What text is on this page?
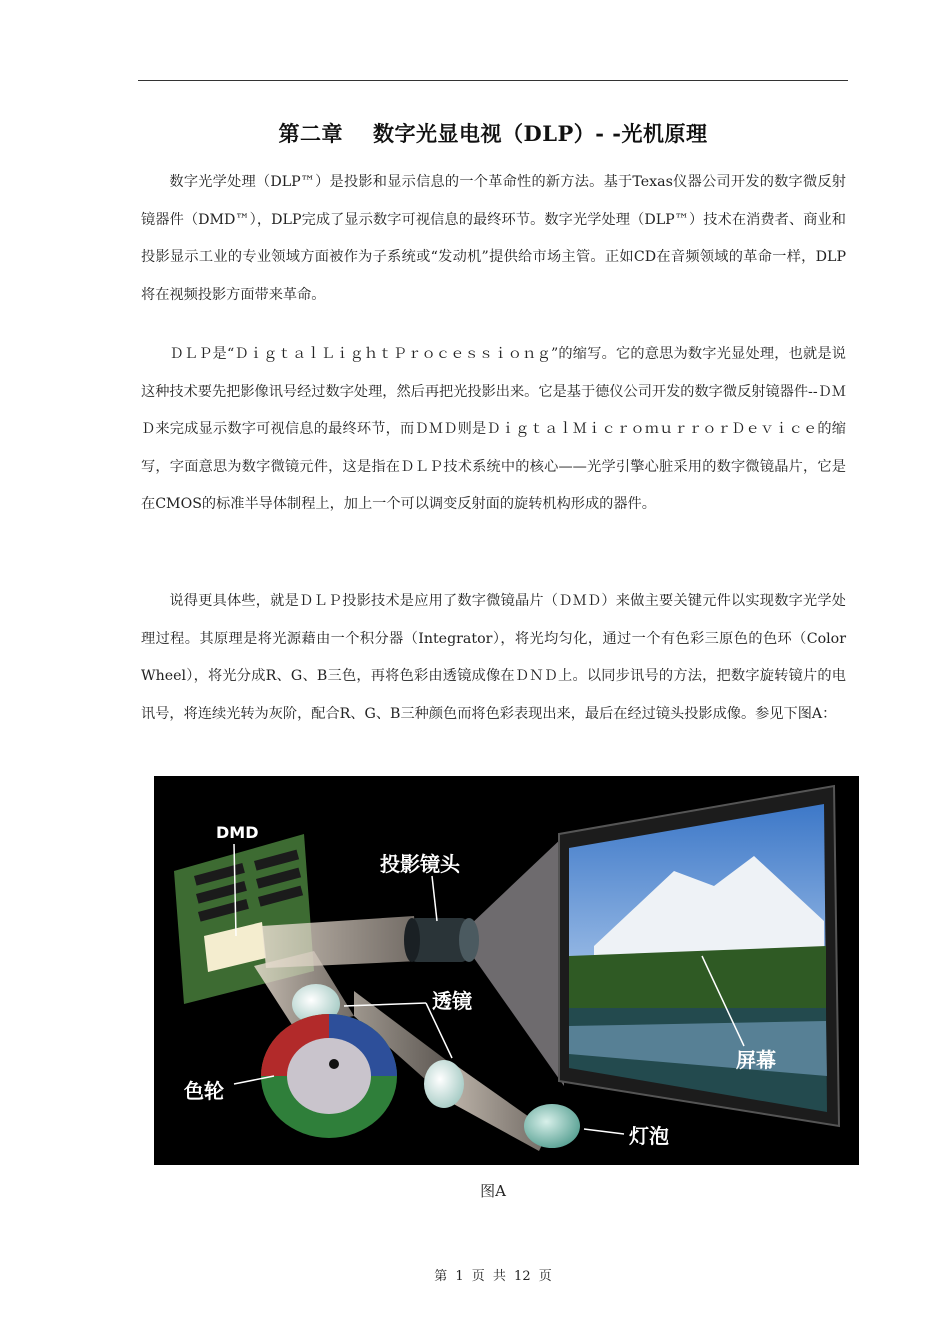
第二章 数字光显电视（DLP）- -光机原理
数字光学处理（DLP™）是投影和显示信息的一个革命性的新方法。基于Texas仪器公司开发的数字微反射镜器件（DMD™），DLP完成了显示数字可视信息的最终环节。数字光学处理（DLP™）技术在消费者、商业和投影显示工业的专业领域方面被作为子系统或“发动机”提供给市场主管。正如CD在音频领域的革命一样，DLP将在视频投影方面带来革命。
ＤＬＰ是“ＤｉｇｔａｌＬｉｇｈｔＰｒｏｃｅｓｓｉｏｎｇ”的缩写。它的意思为数字光显处理，也就是说这种技术要先把影像讯号经过数字处理，然后再把光投影出来。它是基于德仪公司开发的数字微反射镜器件--ＤＭＤ来完成显示数字可视信息的最终环节，而ＤＭＤ则是ＤｉｇｔａｌＭｉｃｒｏｍｕｒｒｏｒＤｅｖｉｃｅ的缩写，字面意思为数字微镜元件，这是指在ＤＬＰ技术系统中的核心——光学引擎心脏采用的数字微镜晶片，它是在CMOS的标准半导体制程上，加上一个可以调变反射面的旋转机构形成的器件。
说得更具体些，就是ＤＬＰ投影技术是应用了数字微镜晶片（ＤＭＤ）来做主要关键元件以实现数字光学处理过程。其原理是将光源藉由一个积分器（Integrator），将光均匀化，通过一个有色彩三原色的色环（Color Wheel），将光分成R、G、B三色，再将色彩由透镜成像在ＤＮＤ上。以同步讯号的方法，把数字旋转镜片的电讯号，将连续光转为灰阶，配合R、G、B三种颜色而将色彩表现出来，最后在经过镜头投影成像。参见下图A：
DMD
投影镜头
透镜
屏幕
色轮
灯泡
图A
第 1 页 共 12 页
